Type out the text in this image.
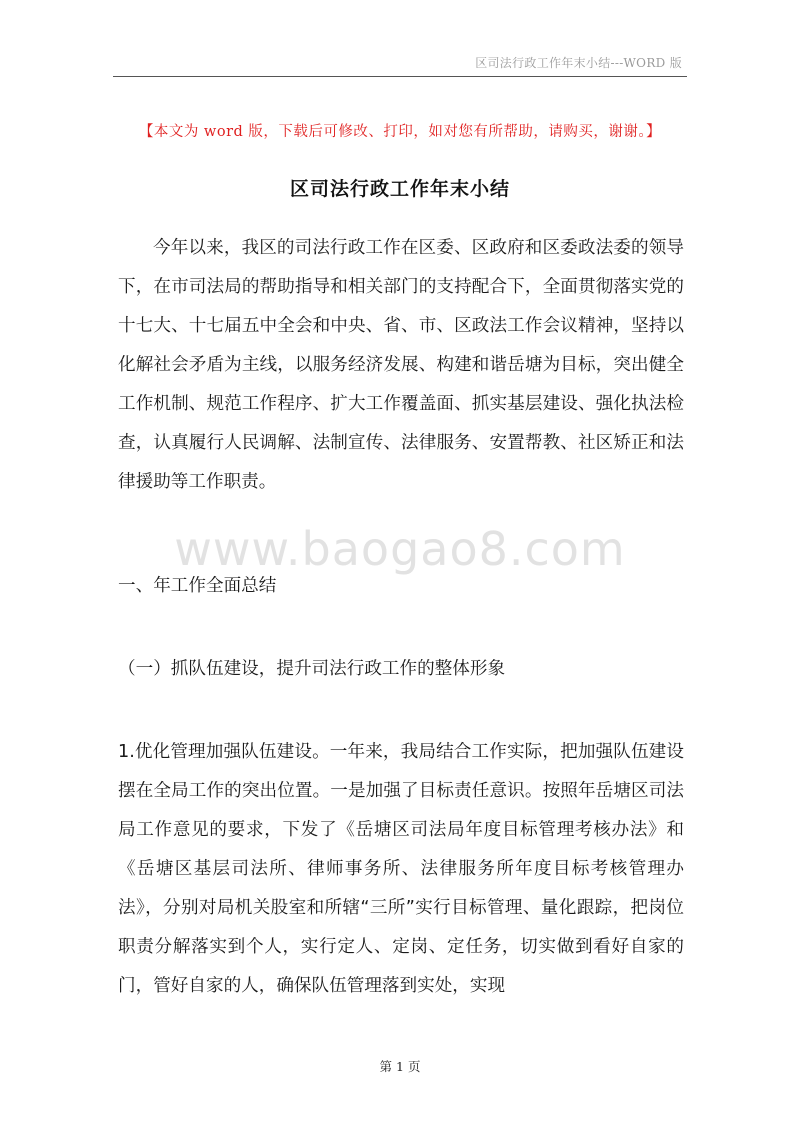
区司法行政工作年末小结---WORD 版
【本文为 word 版，下载后可修改、打印，如对您有所帮助，请购买，谢谢。】
区司法行政工作年末小结

今年以来，我区的司法行政工作在区委、区政府和区委政法委的领导下，在市司法局的帮助指导和相关部门的支持配合下，全面贯彻落实党的十七大、十七届五中全会和中央、省、市、区政法工作会议精神，坚持以化解社会矛盾为主线，以服务经济发展、构建和谐岳塘为目标，突出健全工作机制、规范工作程序、扩大工作覆盖面、抓实基层建设、强化执法检查，认真履行人民调解、法制宣传、法律服务、安置帮教、社区矫正和法律援助等工作职责。

www.baogao8.com
一、年工作全面总结
（一）抓队伍建设，提升司法行政工作的整体形象

1.优化管理加强队伍建设。一年来，我局结合工作实际，把加强队伍建设摆在全局工作的突出位置。一是加强了目标责任意识。按照年岳塘区司法局工作意见的要求，下发了《岳塘区司法局年度目标管理考核办法》和《岳塘区基层司法所、律师事务所、法律服务所年度目标考核管理办法》，分别对局机关股室和所辖“三所”实行目标管理、量化跟踪，把岗位职责分解落实到个人，实行定人、定岗、定任务，切实做到看好自家的门，管好自家的人，确保队伍管理落到实处，实现

第 1 页
